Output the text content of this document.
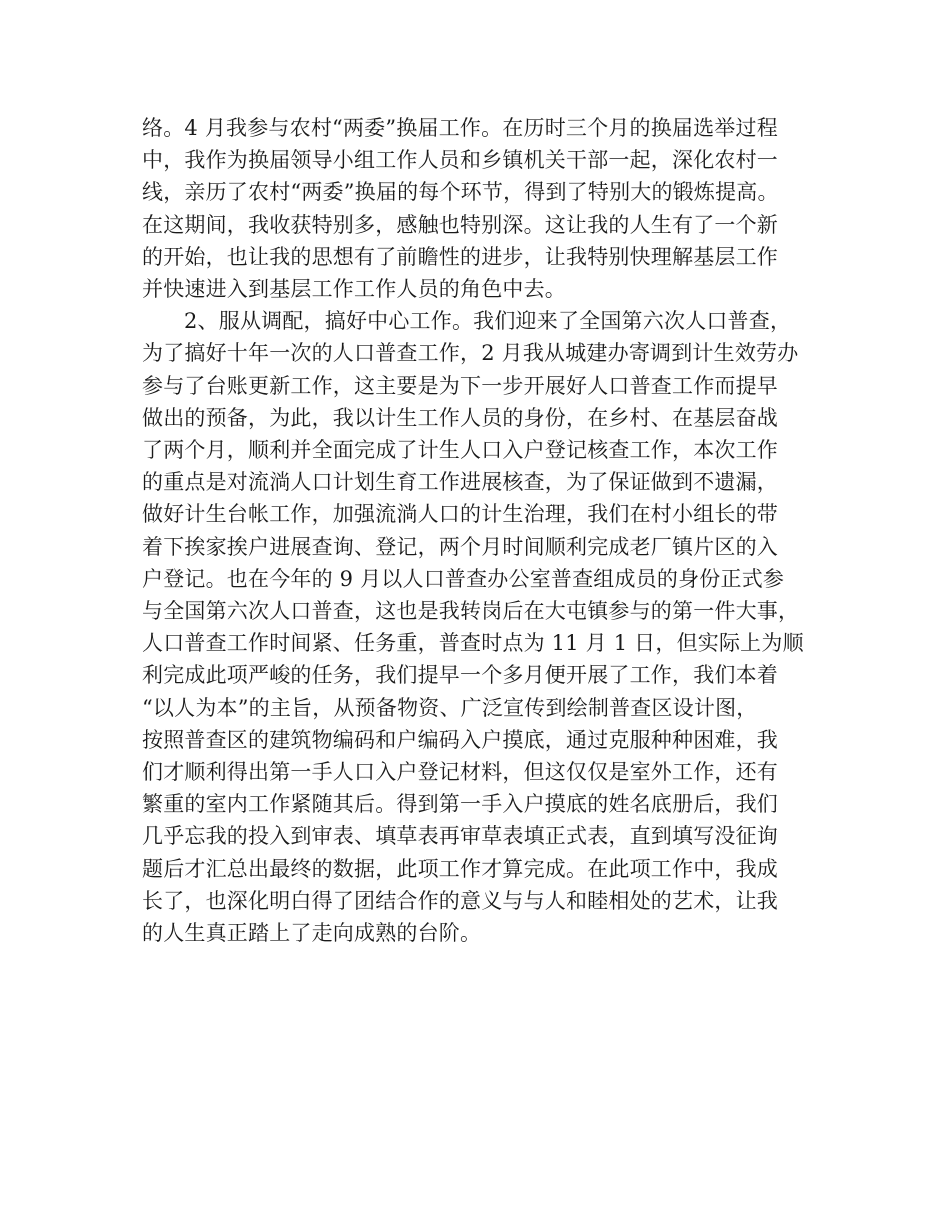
络。4 月我参与农村“两委”换届工作。在历时三个月的换届选举过程
中，我作为换届领导小组工作人员和乡镇机关干部一起，深化农村一
线，亲历了农村“两委”换届的每个环节，得到了特别大的锻炼提高。
在这期间，我收获特别多，感触也特别深。这让我的人生有了一个新
的开始，也让我的思想有了前瞻性的进步，让我特别快理解基层工作
并快速进入到基层工作工作人员的角色中去。
2、服从调配，搞好中心工作。我们迎来了全国第六次人口普查，
为了搞好十年一次的人口普查工作，2 月我从城建办寄调到计生效劳办
参与了台账更新工作，这主要是为下一步开展好人口普查工作而提早
做出的预备，为此，我以计生工作人员的身份，在乡村、在基层奋战
了两个月，顺利并全面完成了计生人口入户登记核查工作，本次工作
的重点是对流淌人口计划生育工作进展核查，为了保证做到不遗漏，
做好计生台帐工作，加强流淌人口的计生治理，我们在村小组长的带
着下挨家挨户进展查询、登记，两个月时间顺利完成老厂镇片区的入
户登记。也在今年的 9 月以人口普查办公室普查组成员的身份正式参
与全国第六次人口普查，这也是我转岗后在大屯镇参与的第一件大事，
人口普查工作时间紧、任务重，普查时点为 11 月 1 日，但实际上为顺
利完成此项严峻的任务，我们提早一个多月便开展了工作，我们本着
“以人为本”的主旨，从预备物资、广泛宣传到绘制普查区设计图，
按照普查区的建筑物编码和户编码入户摸底，通过克服种种困难，我
们才顺利得出第一手人口入户登记材料，但这仅仅是室外工作，还有
繁重的室内工作紧随其后。得到第一手入户摸底的姓名底册后，我们
几乎忘我的投入到审表、填草表再审草表填正式表，直到填写没征询
题后才汇总出最终的数据，此项工作才算完成。在此项工作中，我成
长了，也深化明白得了团结合作的意义与与人和睦相处的艺术，让我
的人生真正踏上了走向成熟的台阶。
